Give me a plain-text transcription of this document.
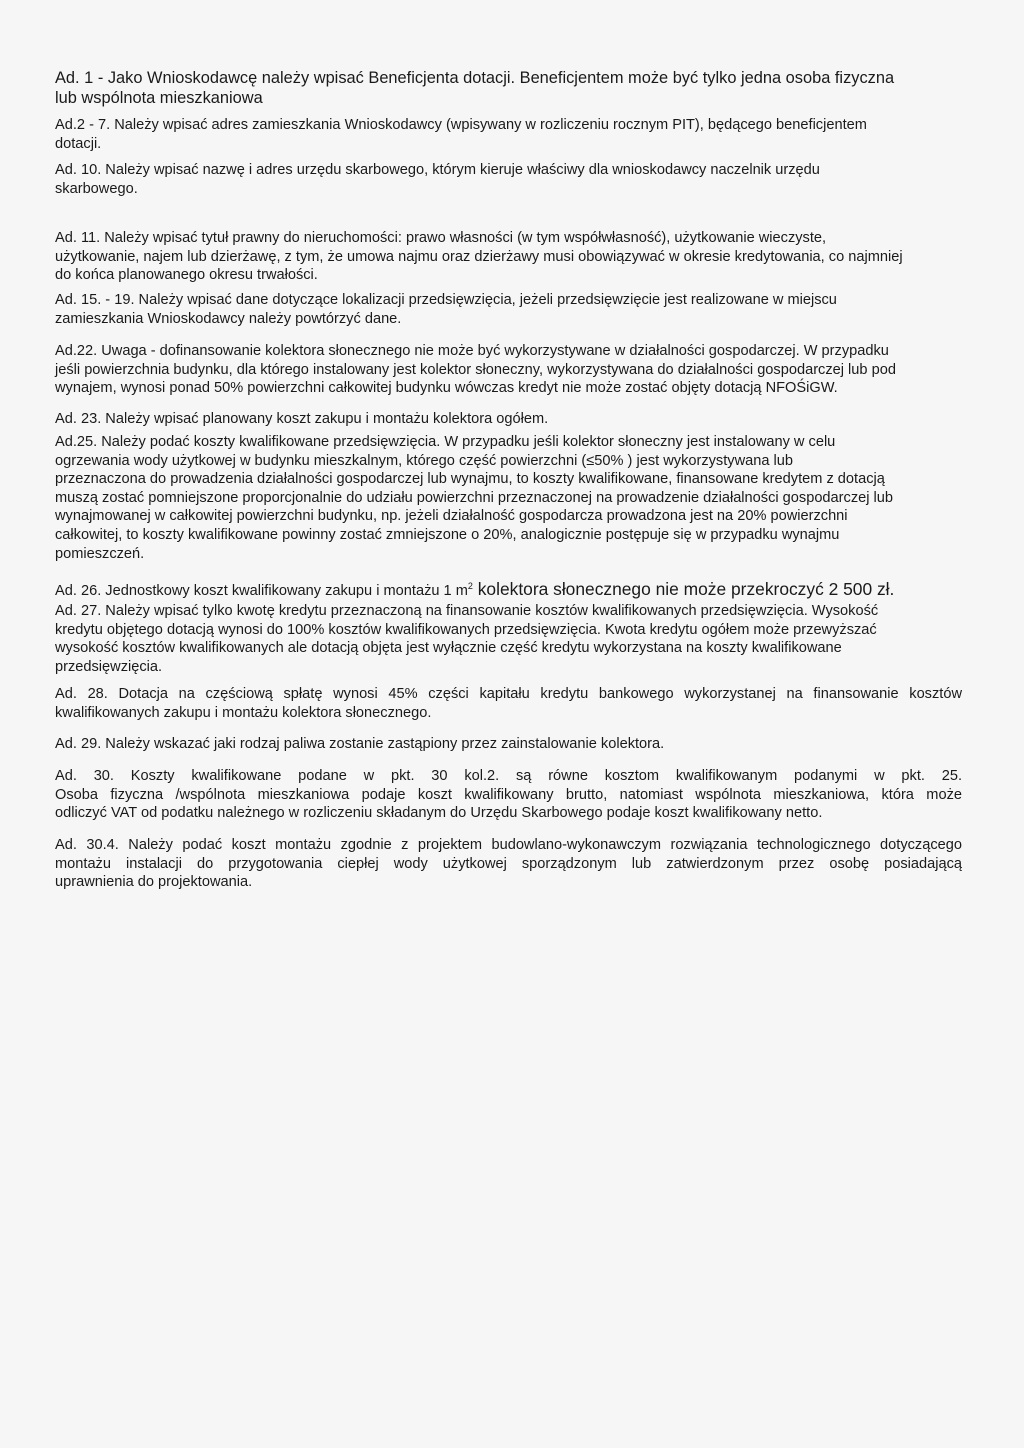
Ad. 1 - Jako Wnioskodawcę należy wpisać Beneficjenta dotacji. Beneficjentem może być tylko jedna osoba fizyczna
lub wspólnota mieszkaniowa

Ad.2 - 7. Należy wpisać adres zamieszkania Wnioskodawcy (wpisywany w rozliczeniu rocznym PIT), będącego beneficjentem
dotacji.

Ad. 10. Należy wpisać nazwę i adres urzędu skarbowego, którym kieruje właściwy dla wnioskodawcy naczelnik urzędu
skarbowego.

Ad. 11. Należy wpisać tytuł prawny do nieruchomości: prawo własności (w tym współwłasność), użytkowanie wieczyste,
użytkowanie, najem lub dzierżawę, z tym, że umowa najmu oraz dzierżawy musi obowiązywać w okresie kredytowania, co najmniej
do końca planowanego okresu trwałości.

Ad. 15. - 19. Należy wpisać dane dotyczące lokalizacji przedsięwzięcia, jeżeli przedsięwzięcie jest realizowane w miejscu
zamieszkania Wnioskodawcy należy powtórzyć dane.

Ad.22. Uwaga - dofinansowanie kolektora słonecznego nie może być wykorzystywane w działalności gospodarczej. W przypadku
jeśli powierzchnia budynku, dla którego instalowany jest kolektor słoneczny, wykorzystywana do działalności gospodarczej lub pod
wynajem, wynosi ponad 50% powierzchni całkowitej budynku wówczas kredyt nie może zostać objęty dotacją NFOŚiGW.

Ad. 23. Należy wpisać planowany koszt zakupu i montażu kolektora ogółem.

Ad.25. Należy podać koszty kwalifikowane przedsięwzięcia. W przypadku jeśli kolektor słoneczny jest instalowany w celu
ogrzewania wody użytkowej w budynku mieszkalnym, którego część powierzchni (≤50% ) jest wykorzystywana lub
przeznaczona do prowadzenia działalności gospodarczej lub wynajmu, to koszty kwalifikowane, finansowane kredytem z dotacją
muszą zostać pomniejszone proporcjonalnie do udziału powierzchni przeznaczonej na prowadzenie działalności gospodarczej lub
wynajmowanej w całkowitej powierzchni budynku, np. jeżeli działalność gospodarcza prowadzona jest na 20% powierzchni
całkowitej, to koszty kwalifikowane powinny zostać zmniejszone o 20%, analogicznie postępuje się w przypadku wynajmu
pomieszczeń.

Ad. 26. Jednostkowy koszt kwalifikowany zakupu i montażu 1 $m^2$ kolektora słonecznego nie może przekroczyć 2 500 zł.

Ad. 27. Należy wpisać tylko kwotę kredytu przeznaczoną na finansowanie kosztów kwalifikowanych przedsięwzięcia. Wysokość
kredytu objętego dotacją wynosi do 100% kosztów kwalifikowanych przedsięwzięcia. Kwota kredytu ogółem może przewyższać
wysokość kosztów kwalifikowanych ale dotacją objęta jest wyłącznie część kredytu wykorzystana na koszty kwalifikowane
przedsięwzięcia.

Ad. 28. Dotacja na częściową spłatę wynosi 45% części kapitału kredytu bankowego wykorzystanej na finansowanie kosztów
kwalifikowanych zakupu i montażu kolektora słonecznego.

Ad. 29. Należy wskazać jaki rodzaj paliwa zostanie zastąpiony przez zainstalowanie kolektora.

Ad. 30. Koszty kwalifikowane podane w pkt. 30 kol.2. są równe kosztom kwalifikowanym podanymi w pkt. 25.
Osoba fizyczna /wspólnota mieszkaniowa podaje koszt kwalifikowany brutto, natomiast wspólnota mieszkaniowa, która może
odliczyć VAT od podatku należnego w rozliczeniu składanym do Urzędu Skarbowego podaje koszt kwalifikowany netto.
Ad. 30.4. Należy podać koszt montażu zgodnie z projektem budowlano-wykonawczym rozwiązania technologicznego dotyczącego
montażu instalacji do przygotowania ciepłej wody użytkowej sporządzonym lub zatwierdzonym przez osobę posiadającą
uprawnienia do projektowania.
